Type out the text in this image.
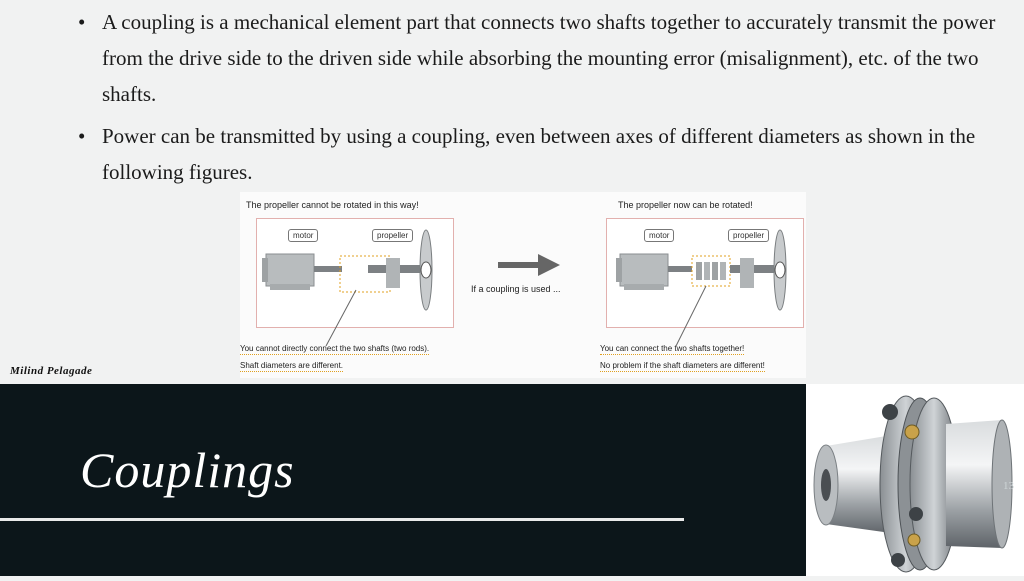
• A coupling is a mechanical element part that connects two shafts together to accurately transmit the power from the drive side to the driven side while absorbing the mounting error (misalignment), etc. of the two shafts.
• Power can be transmitted by using a coupling, even between axes of different diameters as shown in the following figures.
The propeller cannot be rotated in this way!
motor	propeller
You cannot directly connect the two shafts (two rods).
Shaft diameters are different.
If a coupling is used ...
The propeller now can be rotated!
motor	propeller
You can connect the two shafts together!
No problem if the shaft diameters are different!
Milind Pelagade
Couplings	13
